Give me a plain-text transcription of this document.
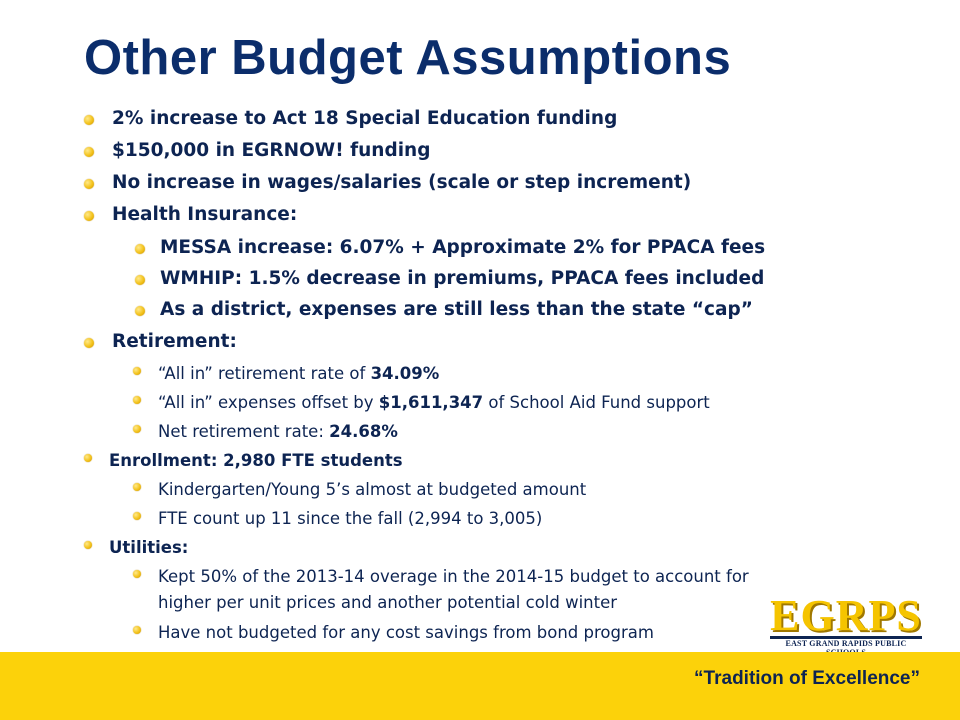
Other Budget Assumptions
2% increase to Act 18 Special Education funding
$150,000 in EGRNOW! funding
No increase in wages/salaries (scale or step increment)
Health Insurance:
MESSA increase: 6.07% + Approximate 2% for PPACA fees
WMHIP: 1.5% decrease in premiums, PPACA fees included
As a district, expenses are still less than the state “cap”
Retirement:
“All in” retirement rate of 34.09%
“All in” expenses offset by $1,611,347 of School Aid Fund support
Net retirement rate: 24.68%
Enrollment: 2,980 FTE students
Kindergarten/Young 5’s almost at budgeted amount
FTE count up 11 since the fall (2,994 to 3,005)
Utilities:
Kept 50% of the 2013-14 overage in the 2014-15 budget to account for
higher per unit prices and another potential cold winter
Have not budgeted for any cost savings from bond program	EGRPS
EAST GRAND RAPIDS PUBLIC
“Tradition of Excellence”
